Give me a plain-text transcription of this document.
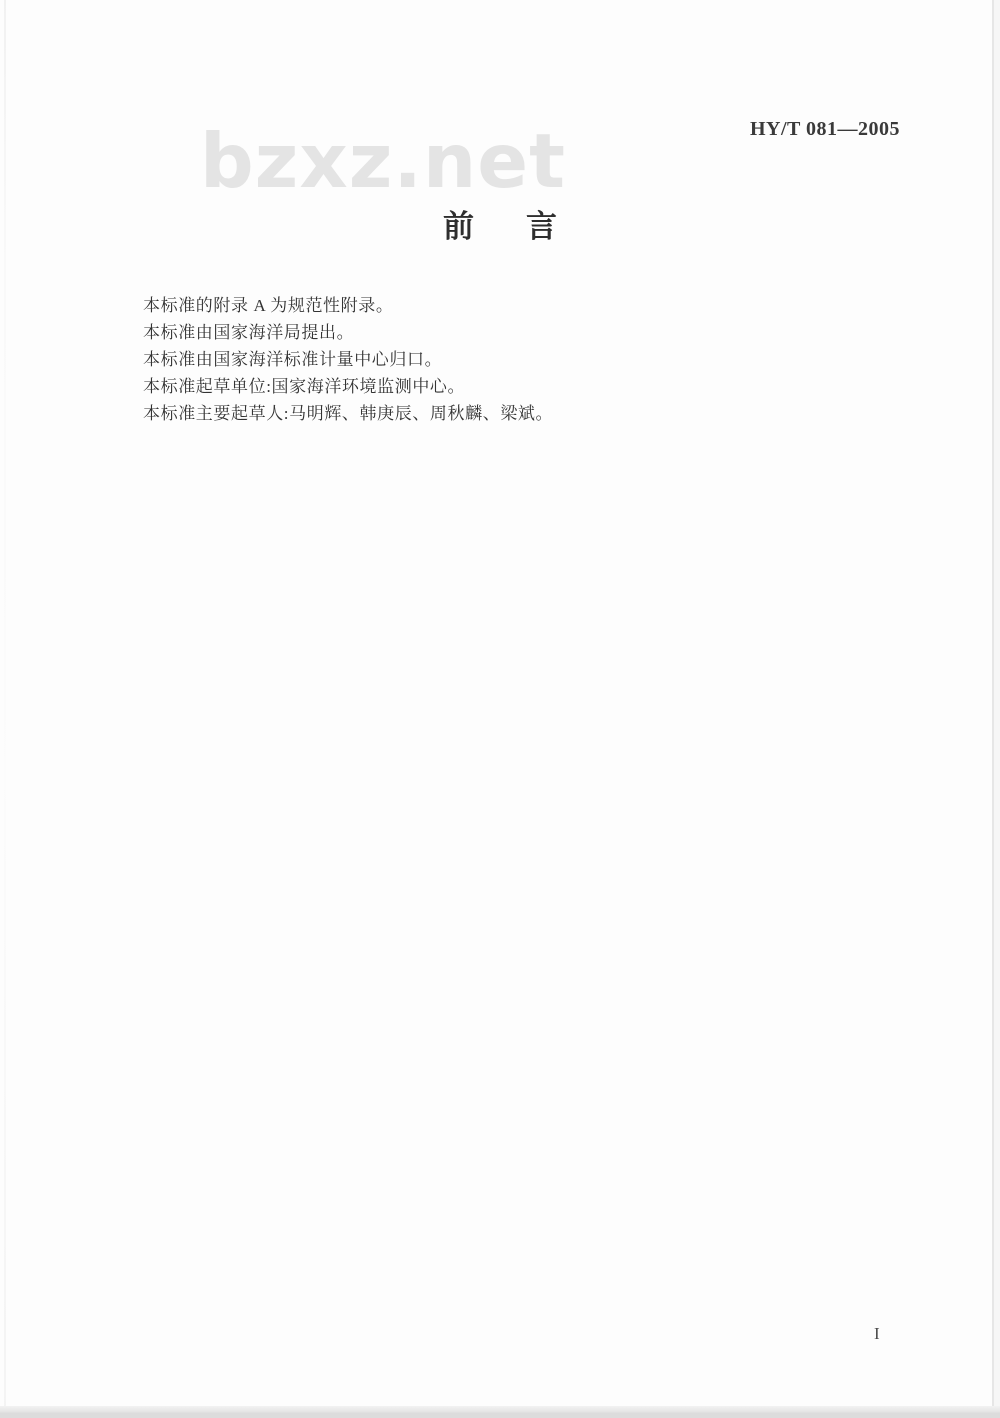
bzxz.net	HY/T 081—2005
前 言

本标准的附录 A 为规范性附录。

本标准由国家海洋局提出。

本标准由国家海洋标准计量中心归口。

本标准起草单位:国家海洋环境监测中心。

本标准主要起草人:马明辉、韩庚辰、周秋麟、梁斌。

I
